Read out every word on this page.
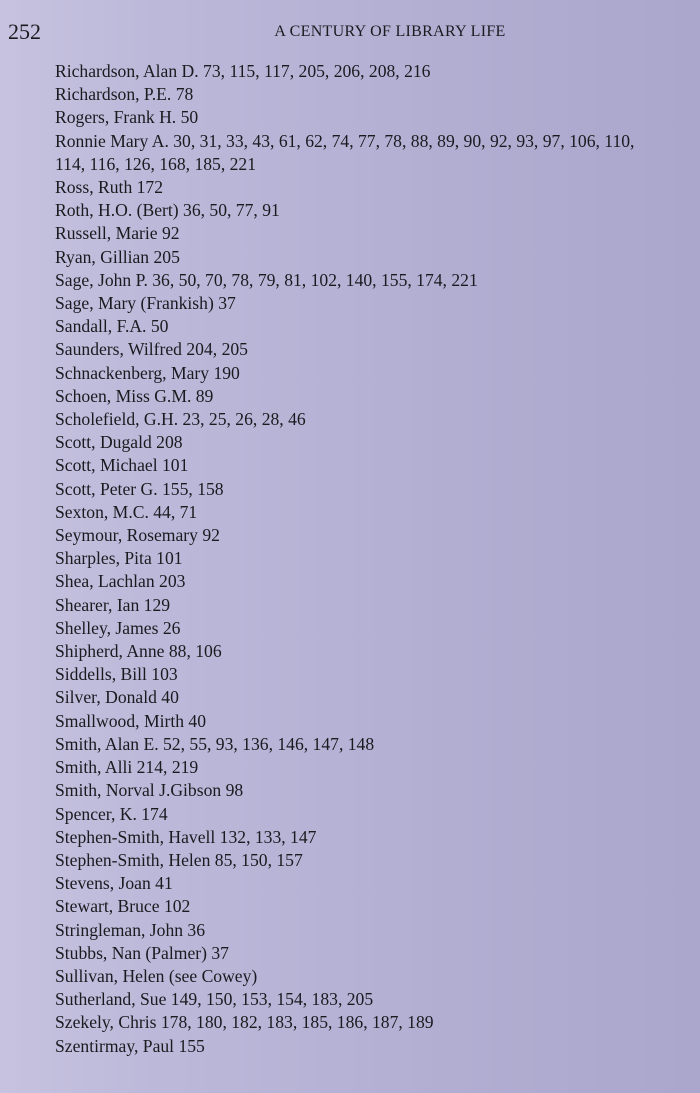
252	A CENTURY OF LIBRARY LIFE
Richardson, Alan D. 73, 115, 117, 205, 206, 208, 216
Richardson, P.E. 78
Rogers, Frank H. 50
Ronnie Mary A. 30, 31, 33, 43, 61, 62, 74, 77, 78, 88, 89, 90, 92, 93, 97, 106, 110,
114, 116, 126, 168, 185, 221
Ross, Ruth 172
Roth, H.O. (Bert) 36, 50, 77, 91
Russell, Marie 92
Ryan, Gillian 205
Sage, John P. 36, 50, 70, 78, 79, 81, 102, 140, 155, 174, 221
Sage, Mary (Frankish) 37
Sandall, F.A. 50
Saunders, Wilfred 204, 205
Schnackenberg, Mary 190
Schoen, Miss G.M. 89
Scholefield, G.H. 23, 25, 26, 28, 46
Scott, Dugald 208
Scott, Michael 101
Scott, Peter G. 155, 158
Sexton, M.C. 44, 71
Seymour, Rosemary 92
Sharples, Pita 101
Shea, Lachlan 203
Shearer, Ian 129
Shelley, James 26
Shipherd, Anne 88, 106
Siddells, Bill 103
Silver, Donald 40
Smallwood, Mirth 40
Smith, Alan E. 52, 55, 93, 136, 146, 147, 148
Smith, Alli 214, 219
Smith, Norval J.Gibson 98
Spencer, K. 174
Stephen-Smith, Havell 132, 133, 147
Stephen-Smith, Helen 85, 150, 157
Stevens, Joan 41
Stewart, Bruce 102
Stringleman, John 36
Stubbs, Nan (Palmer) 37
Sullivan, Helen (see Cowey)
Sutherland, Sue 149, 150, 153, 154, 183, 205
Szekely, Chris 178, 180, 182, 183, 185, 186, 187, 189
Szentirmay, Paul 155
